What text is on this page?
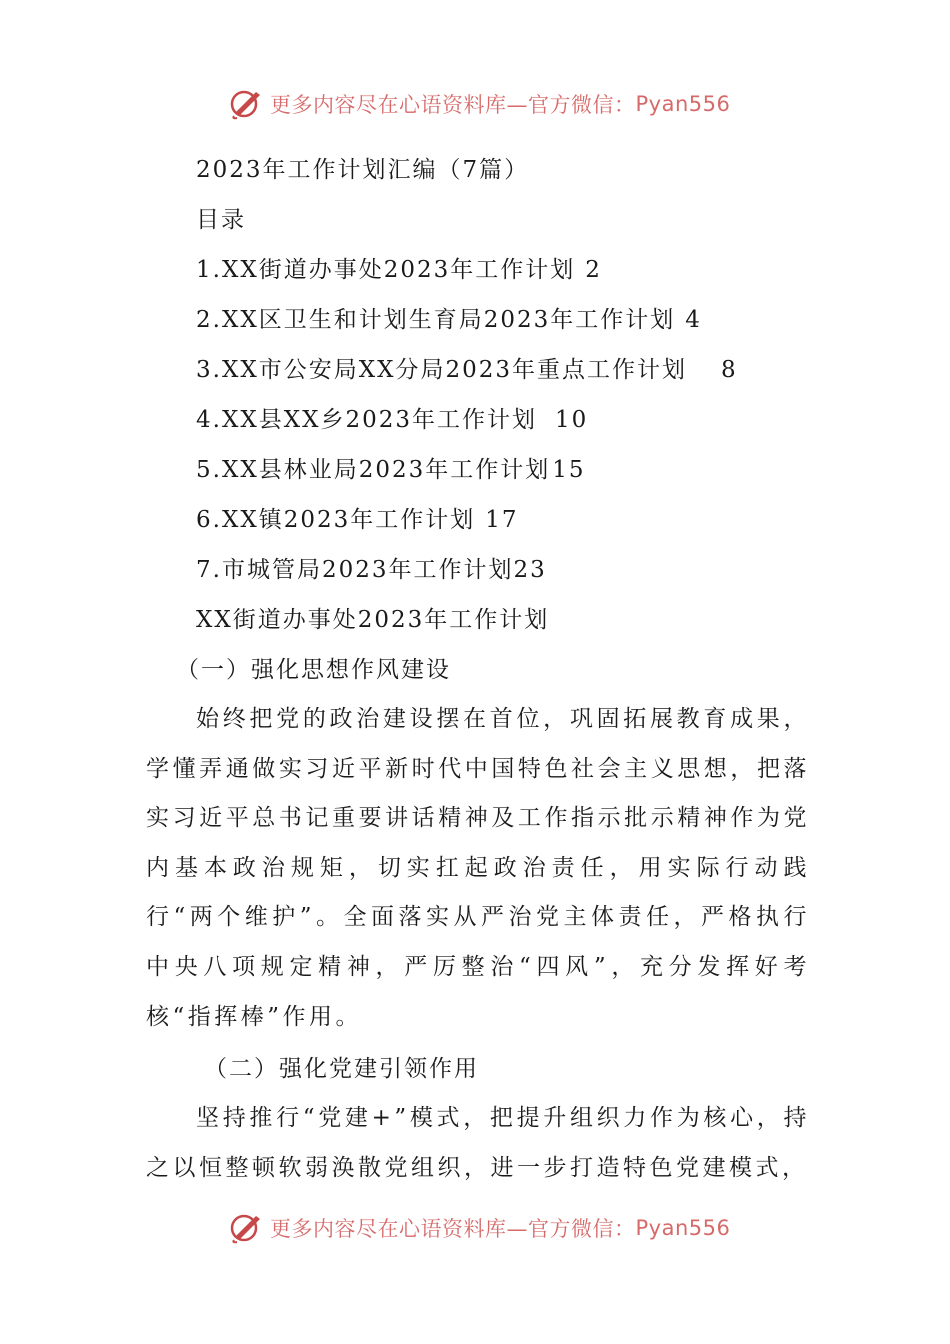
更多内容尽在心语资料库—官方微信： Pyan556
2023年工作计划汇编（7篇）
目录
1.XX街道办事处2023年工作计划 2
2.XX区卫生和计划生育局2023年工作计划 4
3.XX市公安局XX分局2023年重点工作计划 8
4.XX县XX乡2023年工作计划 10
5.XX县林业局2023年工作计划15
6.XX镇2023年工作计划 17
7.市城管局2023年工作计划23
XX街道办事处2023年工作计划
（一）强化思想作风建设
始终把党的政治建设摆在首位，巩固拓展教育成果，学懂弄通做实习近平新时代中国特色社会主义思想，把落实习近平总书记重要讲话精神及工作指示批示精神作为党内基本政治规矩，切实扛起政治责任，用实际行动践行“两个维护”。全面落实从严治党主体责任，严格执行中央八项规定精神，严厉整治“四风”，充分发挥好考核“指挥棒”作用。
（二）强化党建引领作用
坚持推行“党建+”模式，把提升组织力作为核心，持之以恒整顿软弱涣散党组织，进一步打造特色党建模式，
更多内容尽在心语资料库—官方微信： Pyan556
